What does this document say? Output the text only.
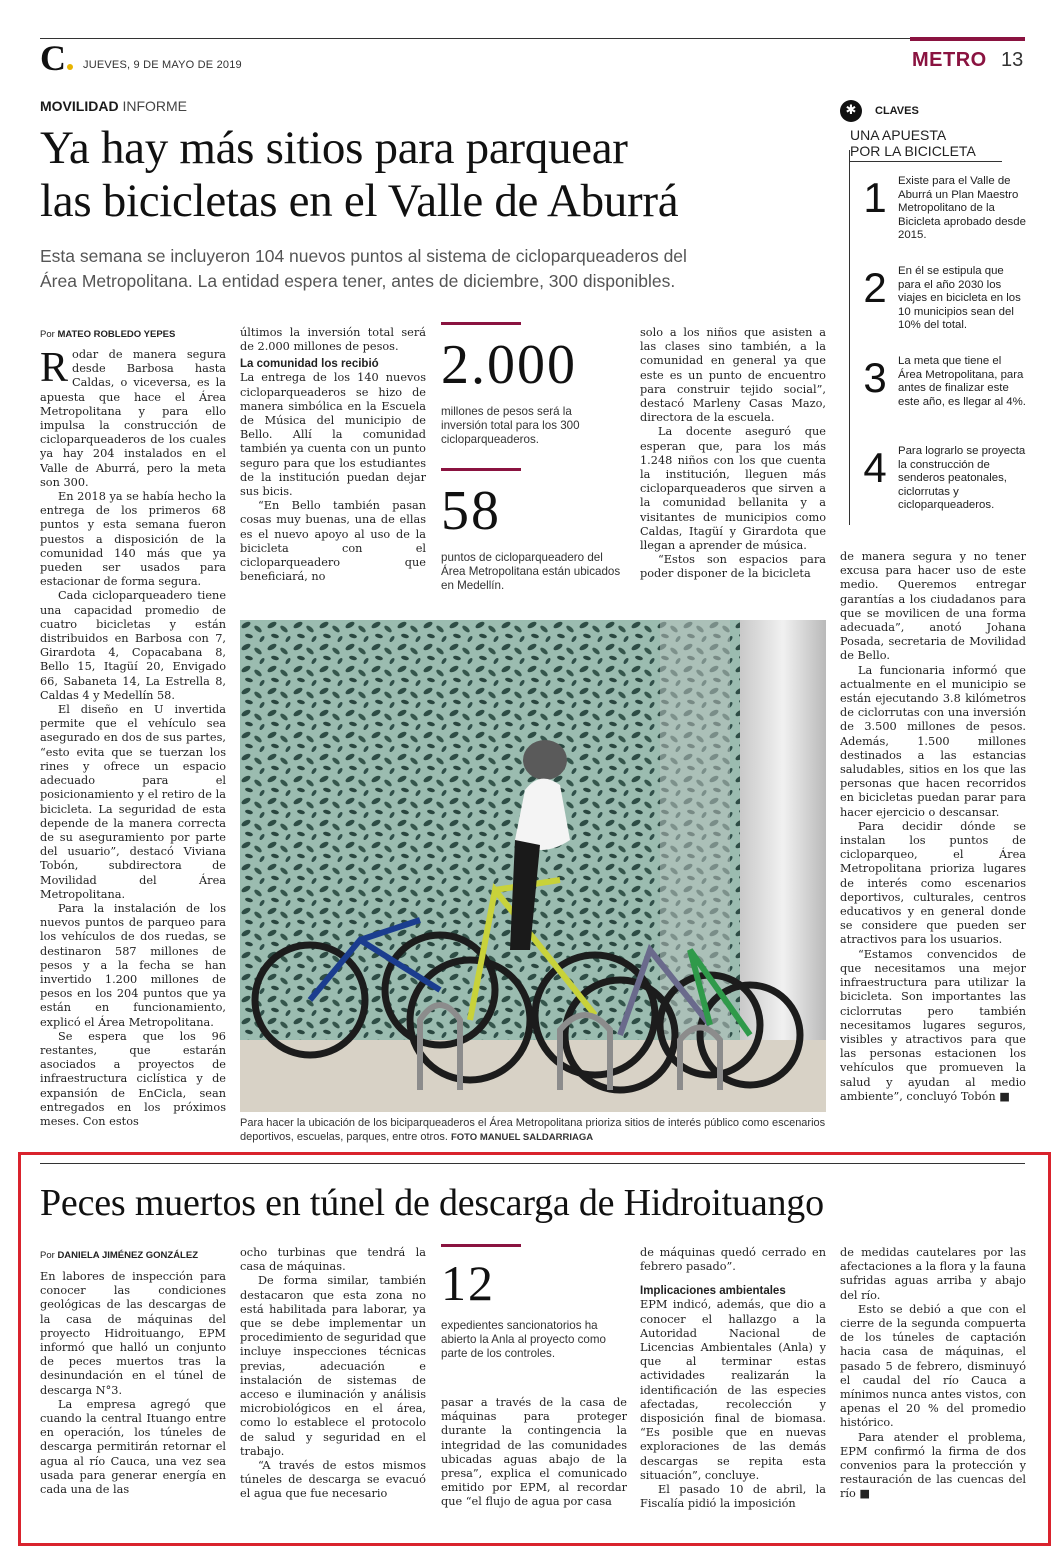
C	JUEVES, 9 DE MAYO DE 2019	METRO 13
MOVILIDAD INFORME
Ya hay más sitios para parquear
las bicicletas en el Valle de Aburrá
Esta semana se incluyeron 104 nuevos puntos al sistema de cicloparqueaderos del
Área Metropolitana. La entidad espera tener, antes de diciembre, 300 disponibles.
✱	CLAVES
UNA APUESTA
POR LA BICICLETA
1 Existe para el Valle de Aburrá un Plan Maestro Metropolitano de la Bicicleta aprobado desde 2015.
2 En él se estipula que para el año 2030 los viajes en bicicleta en los 10 municipios sean del 10% del total.
3 La meta que tiene el Área Metropolitana, para antes de finalizar este este año, es llegar al 4%.
4 Para lograrlo se proyecta la construcción de senderos peatonales, ciclorrutas y cicloparqueaderos.
Por MATEO ROBLEDO YEPES
Rodar de manera segura desde Barbosa hasta Caldas, o viceversa, es la apuesta que hace el Área Metropolitana y para ello impulsa la construcción de cicloparqueaderos de los cuales ya hay 204 instalados en el Valle de Aburrá, pero la meta son 300.

En 2018 ya se había hecho la entrega de los primeros 68 puntos y esta semana fueron puestos a disposición de la comunidad 140 más que ya pueden ser usados para estacionar de forma segura.

Cada cicloparqueadero tiene una capacidad promedio de cuatro bicicletas y están distribuidos en Barbosa con 7, Girardota 4, Copacabana 8, Bello 15, Itagüí 20, Envigado 66, Sabaneta 14, La Estrella 8, Caldas 4 y Medellín 58.

El diseño en U invertida permite que el vehículo sea asegurado en dos de sus partes, “esto evita que se tuerzan los rines y ofrece un espacio adecuado para el posicionamiento y el retiro de la bicicleta. La seguridad de esta depende de la manera correcta de su aseguramiento por parte del usuario”, destacó Viviana Tobón, subdirectora de Movilidad del Área Metropolitana.

Para la instalación de los nuevos puntos de parqueo para los vehículos de dos ruedas, se destinaron 587 millones de pesos y a la fecha se han invertido 1.200 millones de pesos en los 204 puntos que ya están en funcionamiento, explicó el Área Metropolitana.

Se espera que los 96 restantes, que estarán asociados a proyectos de infraestructura ciclística y de expansión de EnCicla, sean entregados en los próximos meses. Con estos

últimos la inversión total será de 2.000 millones de pesos.

La comunidad los recibió

La entrega de los 140 nuevos cicloparqueaderos se hizo de manera simbólica en la Escuela de Música del municipio de Bello. Allí la comunidad también ya cuenta con un punto seguro para que los estudiantes de la institución puedan dejar sus bicis.

“En Bello también pasan cosas muy buenas, una de ellas es el nuevo apoyo al uso de la bicicleta con el cicloparqueadero que beneficiará, no

2.000
millones de pesos será la inversión total para los 300 cicloparqueaderos.
58
puntos de cicloparqueadero del Área Metropolitana están ubicados en Medellín.

solo a los niños que asisten a las clases sino también, a la comunidad en general ya que este es un punto de encuentro para construir tejido social”, destacó Marleny Casas Mazo, directora de la escuela.

La docente aseguró que esperan que, para los más 1.248 niños con los que cuenta la institución, lleguen más cicloparqueaderos que sirven a la comunidad bellanita y a visitantes de municipios como Caldas, Itagüí y Girardota que llegan a aprender de música.

“Estos son espacios para poder disponer de la bicicleta

de manera segura y no tener excusa para hacer uso de este medio. Queremos entregar garantías a los ciudadanos para que se movilicen de una forma adecuada”, anotó Johana Posada, secretaria de Movilidad de Bello.

La funcionaria informó que actualmente en el municipio se están ejecutando 3.8 kilómetros de ciclorrutas con una inversión de 3.500 millones de pesos. Además, 1.500 millones destinados a las estancias saludables, sitios en los que las personas que hacen recorridos en bicicletas puedan parar para hacer ejercicio o descansar.

Para decidir dónde se instalan los puntos de cicloparqueo, el Área Metropolitana prioriza lugares de interés como escenarios deportivos, culturales, centros educativos y en general donde se considere que pueden ser atractivos para los usuarios.

“Estamos convencidos de que necesitamos una mejor infraestructura para utilizar la bicicleta. Son importantes las ciclorrutas pero también necesitamos lugares seguros, visibles y atractivos para que las personas estacionen los vehículos que promueven la salud y ayudan al medio ambiente”, concluyó Tobón ■

Para hacer la ubicación de los biciparqueaderos el Área Metropolitana prioriza sitios de interés público como escenarios deportivos, escuelas, parques, entre otros. FOTO MANUEL SALDARRIAGA
Peces muertos en túnel de descarga de Hidroituango
Por DANIELA JIMÉNEZ GONZÁLEZ

En labores de inspección para conocer las condiciones geológicas de las descargas de la casa de máquinas del proyecto Hidroituango, EPM informó que halló un conjunto de peces muertos tras la desinundación en el túnel de descarga N°3.

La empresa agregó que cuando la central Ituango entre en operación, los túneles de descarga permitirán retornar el agua al río Cauca, una vez sea usada para generar energía en cada una de las

ocho turbinas que tendrá la casa de máquinas.

De forma similar, también destacaron que esta zona no está habilitada para laborar, ya que se debe implementar un procedimiento de seguridad que incluye inspecciones técnicas previas, adecuación e instalación de sistemas de acceso e iluminación y análisis microbiológicos en el área, como lo establece el protocolo de salud y seguridad en el trabajo.

“A través de estos mismos túneles de descarga se evacuó el agua que fue necesario

12
expedientes sancionatorios ha abierto la Anla al proyecto como parte de los controles.

pasar a través de la casa de máquinas para proteger durante la contingencia la integridad de las comunidades ubicadas aguas abajo de la presa”, explica el comunicado emitido por EPM, al recordar que “el flujo de agua por casa

de máquinas quedó cerrado en febrero pasado”.

Implicaciones ambientales

EPM indicó, además, que dio a conocer el hallazgo a la Autoridad Nacional de Licencias Ambientales (Anla) y que al terminar estas actividades realizarán la identificación de las especies afectadas, recolección y disposición final de biomasa. “Es posible que en nuevas exploraciones de las demás descargas se repita esta situación”, concluye.

El pasado 10 de abril, la Fiscalía pidió la imposición

de medidas cautelares por las afectaciones a la flora y la fauna sufridas aguas arriba y abajo del río.

Esto se debió a que con el cierre de la segunda compuerta de los túneles de captación hacia casa de máquinas, el pasado 5 de febrero, disminuyó el caudal del río Cauca a mínimos nunca antes vistos, con apenas el 20 % del promedio histórico.

Para atender el problema, EPM confirmó la firma de dos convenios para la protección y restauración de las cuencas del río ■
